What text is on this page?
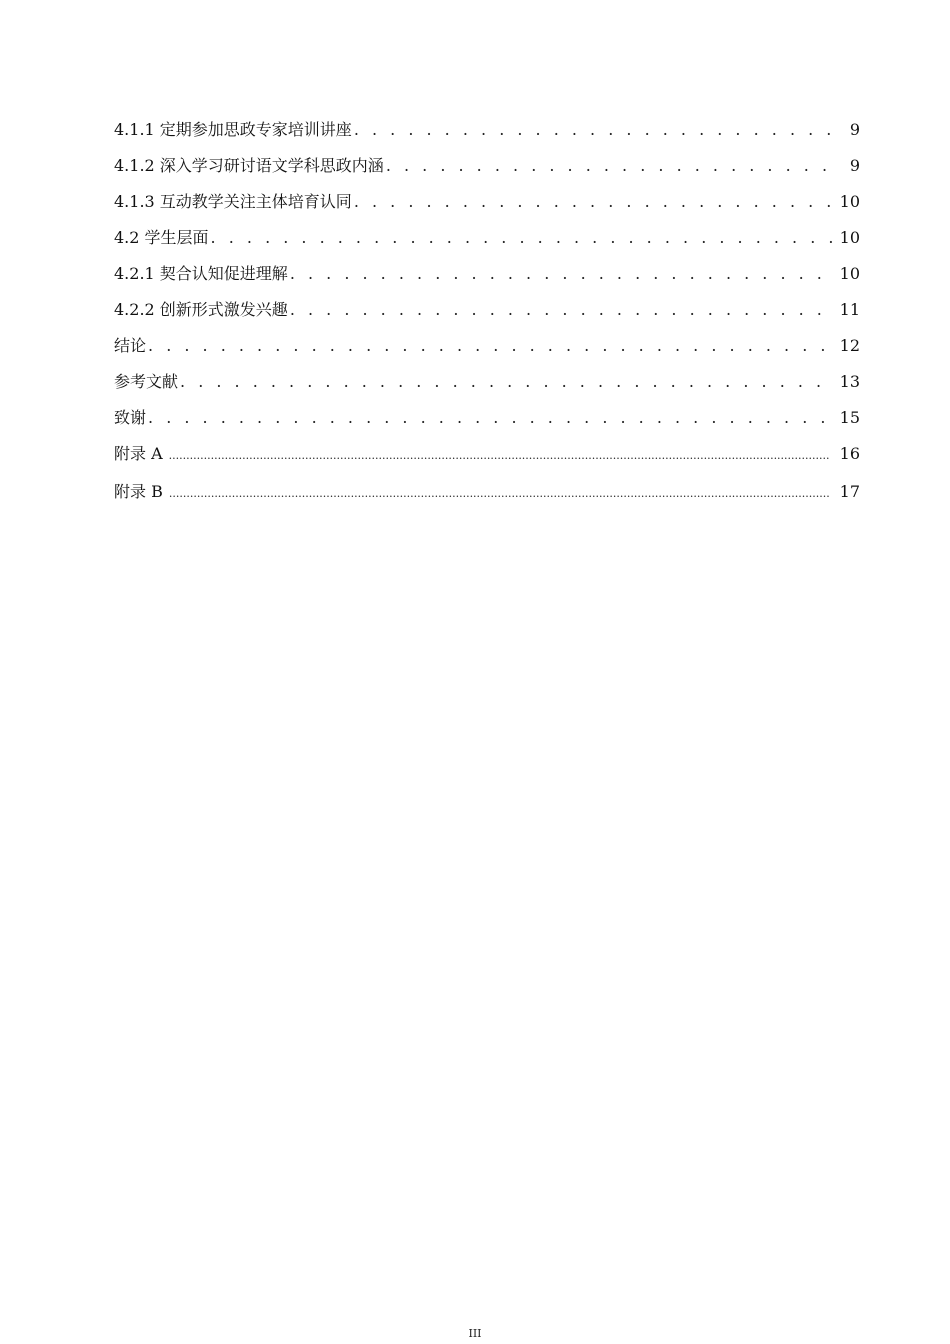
4.1.1 定期参加思政专家培训讲座 . . .	9
4.1.2 深入学习研讨语文学科思政内涵 . . .	9
4.1.3 互动教学关注主体培育认同 . . .	10
4.2 学生层面 . . .	10
4.2.1 契合认知促进理解 . . .	10
4.2.2 创新形式激发兴趣 . . .	11
结论 . . .	12
参考文献 . . .	13
致谢 . . .	15
附录 A .....	16
附录 B .....	17
III
